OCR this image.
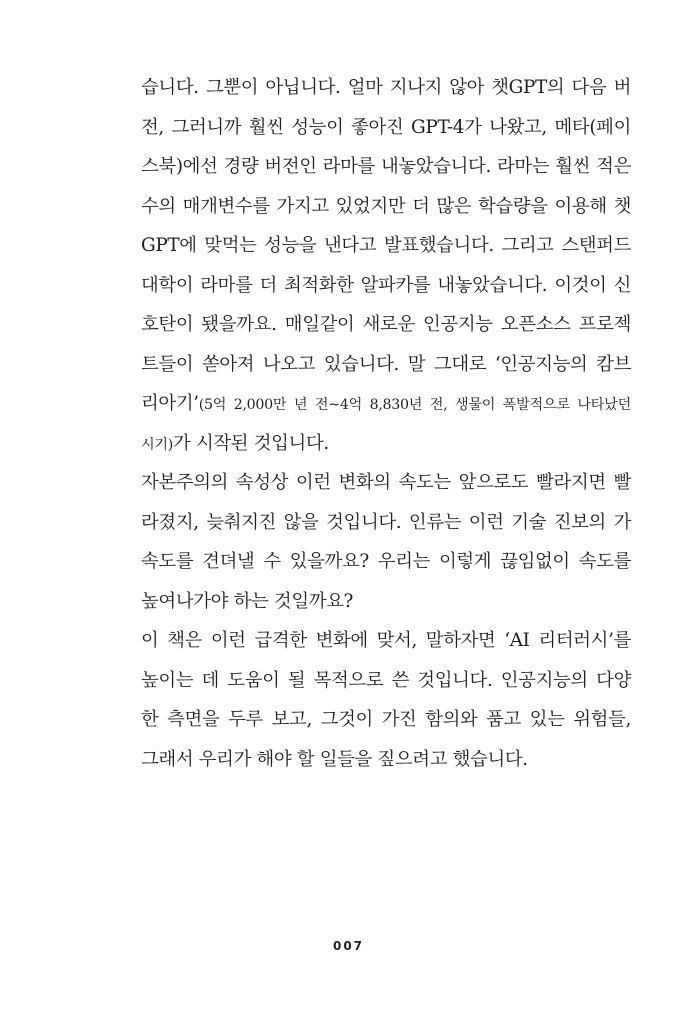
습니다. 그뿐이 아닙니다. 얼마 지나지 않아 챗GPT의 다음 버
전, 그러니까 훨씬 성능이 좋아진 GPT-4가 나왔고, 메타(페이
스북)에선 경량 버전인 라마를 내놓았습니다. 라마는 훨씬 적은
수의 매개변수를 가지고 있었지만 더 많은 학습량을 이용해 챗
GPT에 맞먹는 성능을 낸다고 발표했습니다. 그리고 스탠퍼드
대학이 라마를 더 최적화한 알파카를 내놓았습니다. 이것이 신
호탄이 됐을까요. 매일같이 새로운 인공지능 오픈소스 프로젝
트들이 쏟아져 나오고 있습니다. 말 그대로 ‘인공지능의 캄브
리아기’(5억 2,000만 년 전~4억 8,830년 전, 생물이 폭발적으로 나타났던
시기)가 시작된 것입니다.
자본주의의 속성상 이런 변화의 속도는 앞으로도 빨라지면 빨
라졌지, 늦춰지진 않을 것입니다. 인류는 이런 기술 진보의 가
속도를 견뎌낼 수 있을까요? 우리는 이렇게 끊임없이 속도를
높여나가야 하는 것일까요?
이 책은 이런 급격한 변화에 맞서, 말하자면 ‘AI 리터러시’를
높이는 데 도움이 될 목적으로 쓴 것입니다. 인공지능의 다양
한 측면을 두루 보고, 그것이 가진 함의와 품고 있는 위험들,
그래서 우리가 해야 할 일들을 짚으려고 했습니다.
007
